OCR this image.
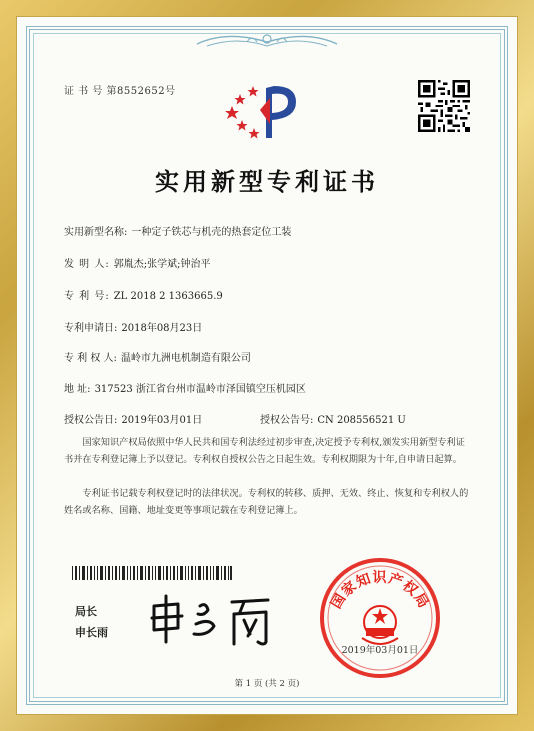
证 书 号 第8552652号
实用新型专利证书
实用新型名称: 一种定子铁芯与机壳的热套定位工装
发 明 人: 郭胤杰;张学斌;钟治平
专 利 号: ZL 2018 2 1363665.9
专利申请日: 2018年08月23日
专 利 权 人: 温岭市九洲电机制造有限公司
地 址: 317523 浙江省台州市温岭市泽国镇空压机园区
授权公告日: 2019年03月01日	授权公告号: CN 208556521 U
国家知识产权局依照中华人民共和国专利法经过初步审查,决定授予专利权,颁发实用新型专利证书并在专利登记簿上予以登记。专利权自授权公告之日起生效。专利权期限为十年,自申请日起算。
专利证书记载专利权登记时的法律状况。专利权的转移、质押、无效、终止、恢复和专利权人的姓名或名称、国籍、地址变更等事项记载在专利登记簿上。
局长
申长雨
国家知识产权局
2019年03月01日
第 1 页 (共 2 页)
